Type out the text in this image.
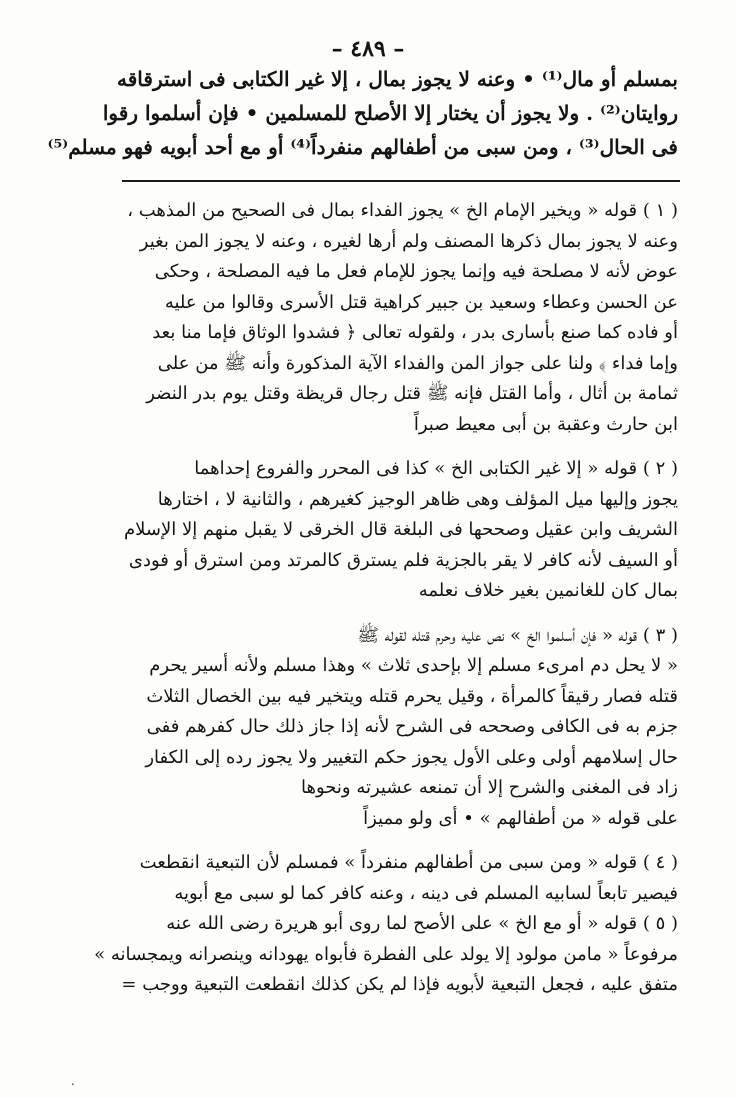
– ٤٨٩ –
بمسلم أو مال⁽¹⁾ • وعنه لا يجوز بمال ، إلا غير الكتابى فى استرقاقه
روايتان⁽²⁾ . ولا يجوز أن يختار إلا الأصلح للمسلمين • فإن أسلموا رقوا
فى الحال⁽³⁾ ، ومن سبى من أطفالهم منفرداً⁽⁴⁾ أو مع أحد أبويه فهو مسلم⁽⁵⁾
( ١ ) قوله « ويخير الإمام الخ » يجوز الفداء بمال فى الصحيح من المذهب ،
وعنه لا يجوز بمال ذكرها المصنف ولم أرها لغيره ، وعنه لا يجوز المن بغير
عوض لأنه لا مصلحة فيه وإنما يجوز للإمام فعل ما فيه المصلحة ، وحكى
عن الحسن وعطاء وسعيد بن جبير كراهية قتل الأسرى وقالوا من عليه
أو فاده كما صنع بأسارى بدر ، ولقوله تعالى ﴿ فشدوا الوثاق فإما منا بعد
وإما فداء ﴾ ولنا على جواز المن والفداء الآية المذكورة وأنه ﷺ من على
ثمامة بن أثال ، وأما القتل فإنه ﷺ قتل رجال قريظة وقتل يوم بدر النضر
ابن حارث وعقبة بن أبى معيط صبراً
( ٢ ) قوله « إلا غير الكتابى الخ » كذا فى المحرر والفروع إحداهما
يجوز وإليها ميل المؤلف وهى ظاهر الوجيز كغيرهم ، والثانية لا ، اختارها
الشريف وابن عقيل وصححها فى البلغة قال الخرقى لا يقبل منهم إلا الإسلام
أو السيف لأنه كافر لا يقر بالجزية فلم يسترق كالمرتد ومن استرق أو فودى
بمال كان للغانمين بغير خلاف نعلمه
( ٣ ) قوله « فإن أسلموا الخ » نص عليه وحرم قتله لقوله ﷺ
« لا يحل دم امرىء مسلم إلا بإحدى ثلاث » وهذا مسلم ولأنه أسير يحرم
قتله فصار رقيقاً كالمرأة ، وقيل يحرم قتله ويتخير فيه بين الخصال الثلاث
جزم به فى الكافى وصححه فى الشرح لأنه إذا جاز ذلك حال كفرهم ففى
حال إسلامهم أولى وعلى الأول يجوز حكم التغيير ولا يجوز رده إلى الكفار
زاد فى المغنى والشرح إلا أن تمنعه عشيرته ونحوها
على قوله « من أطفالهم » • أى ولو مميزاً
( ٤ ) قوله « ومن سبى من أطفالهم منفرداً » فمسلم لأن التبعية انقطعت
فيصير تابعاً لسابيه المسلم فى دينه ، وعنه كافر كما لو سبى مع أبويه
( ٥ ) قوله « أو مع الخ » على الأصح لما روى أبو هريرة رضى الله عنه
مرفوعاً « مامن مولود إلا يولد على الفطرة فأبواه يهودانه وينصرانه ويمجسانه »
متفق عليه ، فجعل التبعية لأبويه فإذا لم يكن كذلك انقطعت التبعية ووجب =
˛
